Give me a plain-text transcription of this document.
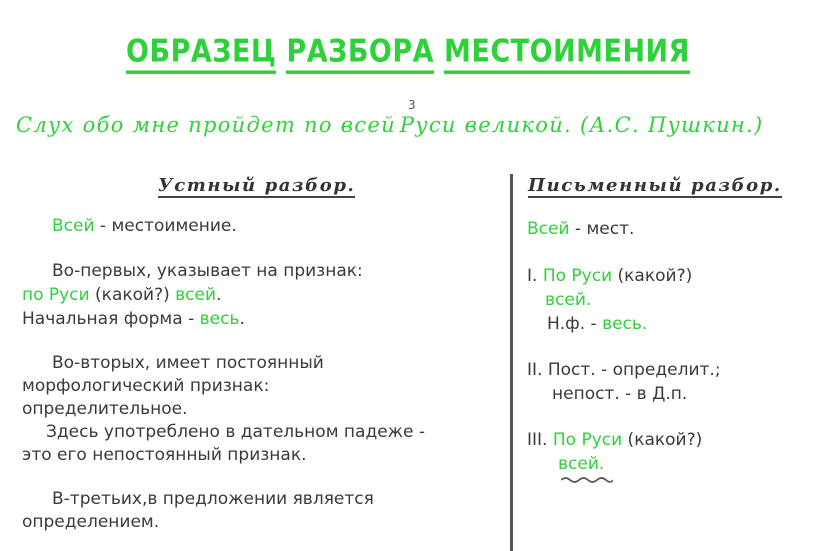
ОБРАЗЕЦ РАЗБОРА МЕСТОИМЕНИЯ
Слух обо мне пройдет по всей Руси великой. (А.С. Пушкин.)
3
Устный разбор.
Всей - местоимение.
Во-первых, указывает на признак:
по Руси (какой?) всей.
Начальная форма - весь.
Во-вторых, имеет постоянный
морфологический признак:
определительное.
Здесь употреблено в дательном падеже -
это его непостоянный признак.
В-третьих,в предложении является
определением.
Письменный разбор.
Всей - мест.
I. По Руси (какой?)
всей.
Н.ф. - весь.
II. Пост. - определит.;
непост. - в Д.п.
III. По Руси (какой?)
всей.
